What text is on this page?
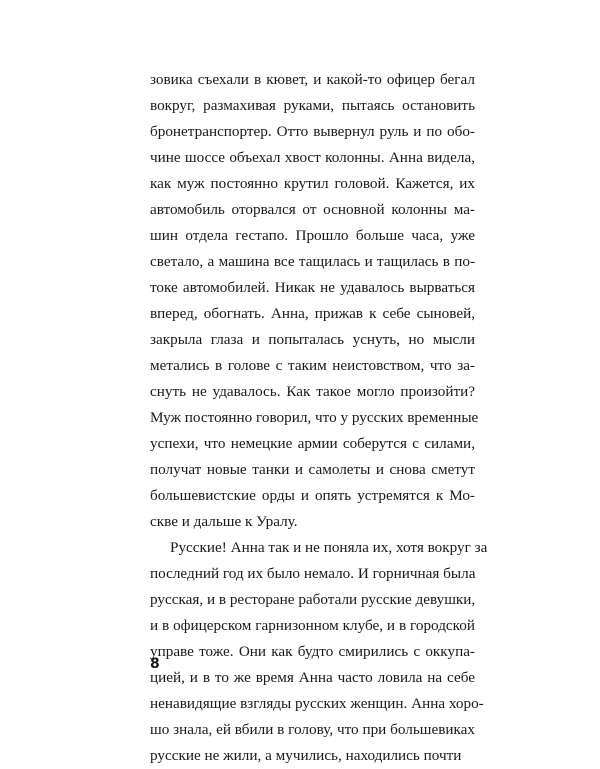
зовика съехали в кювет, и какой-то офицер бегал
вокруг, размахивая руками, пытаясь остановить
бронетранспортер. Отто вывернул руль и по обо-
чине шоссе объехал хвост колонны. Анна видела,
как муж постоянно крутил головой. Кажется, их
автомобиль оторвался от основной колонны ма-
шин отдела гестапо. Прошло больше часа, уже
светало, а машина все тащилась и тащилась в по-
токе автомобилей. Никак не удавалось вырваться
вперед, обогнать. Анна, прижав к себе сыновей,
закрыла глаза и попыталась уснуть, но мысли
метались в голове с таким неистовством, что за-
снуть не удавалось. Как такое могло произойти?
Муж постоянно говорил, что у русских временные
успехи, что немецкие армии соберутся с силами,
получат новые танки и самолеты и снова сметут
большевистские орды и опять устремятся к Мо-
скве и дальше к Уралу.
Русские! Анна так и не поняла их, хотя вокруг за
последний год их было немало. И горничная была
русская, и в ресторане работали русские девушки,
и в офицерском гарнизонном клубе, и в городской
управе тоже. Они как будто смирились с оккупа-
цией, и в то же время Анна часто ловила на себе
ненавидящие взгляды русских женщин. Анна хоро-
шо знала, ей вбили в голову, что при большевиках
русские не жили, а мучились, находились почти
8
